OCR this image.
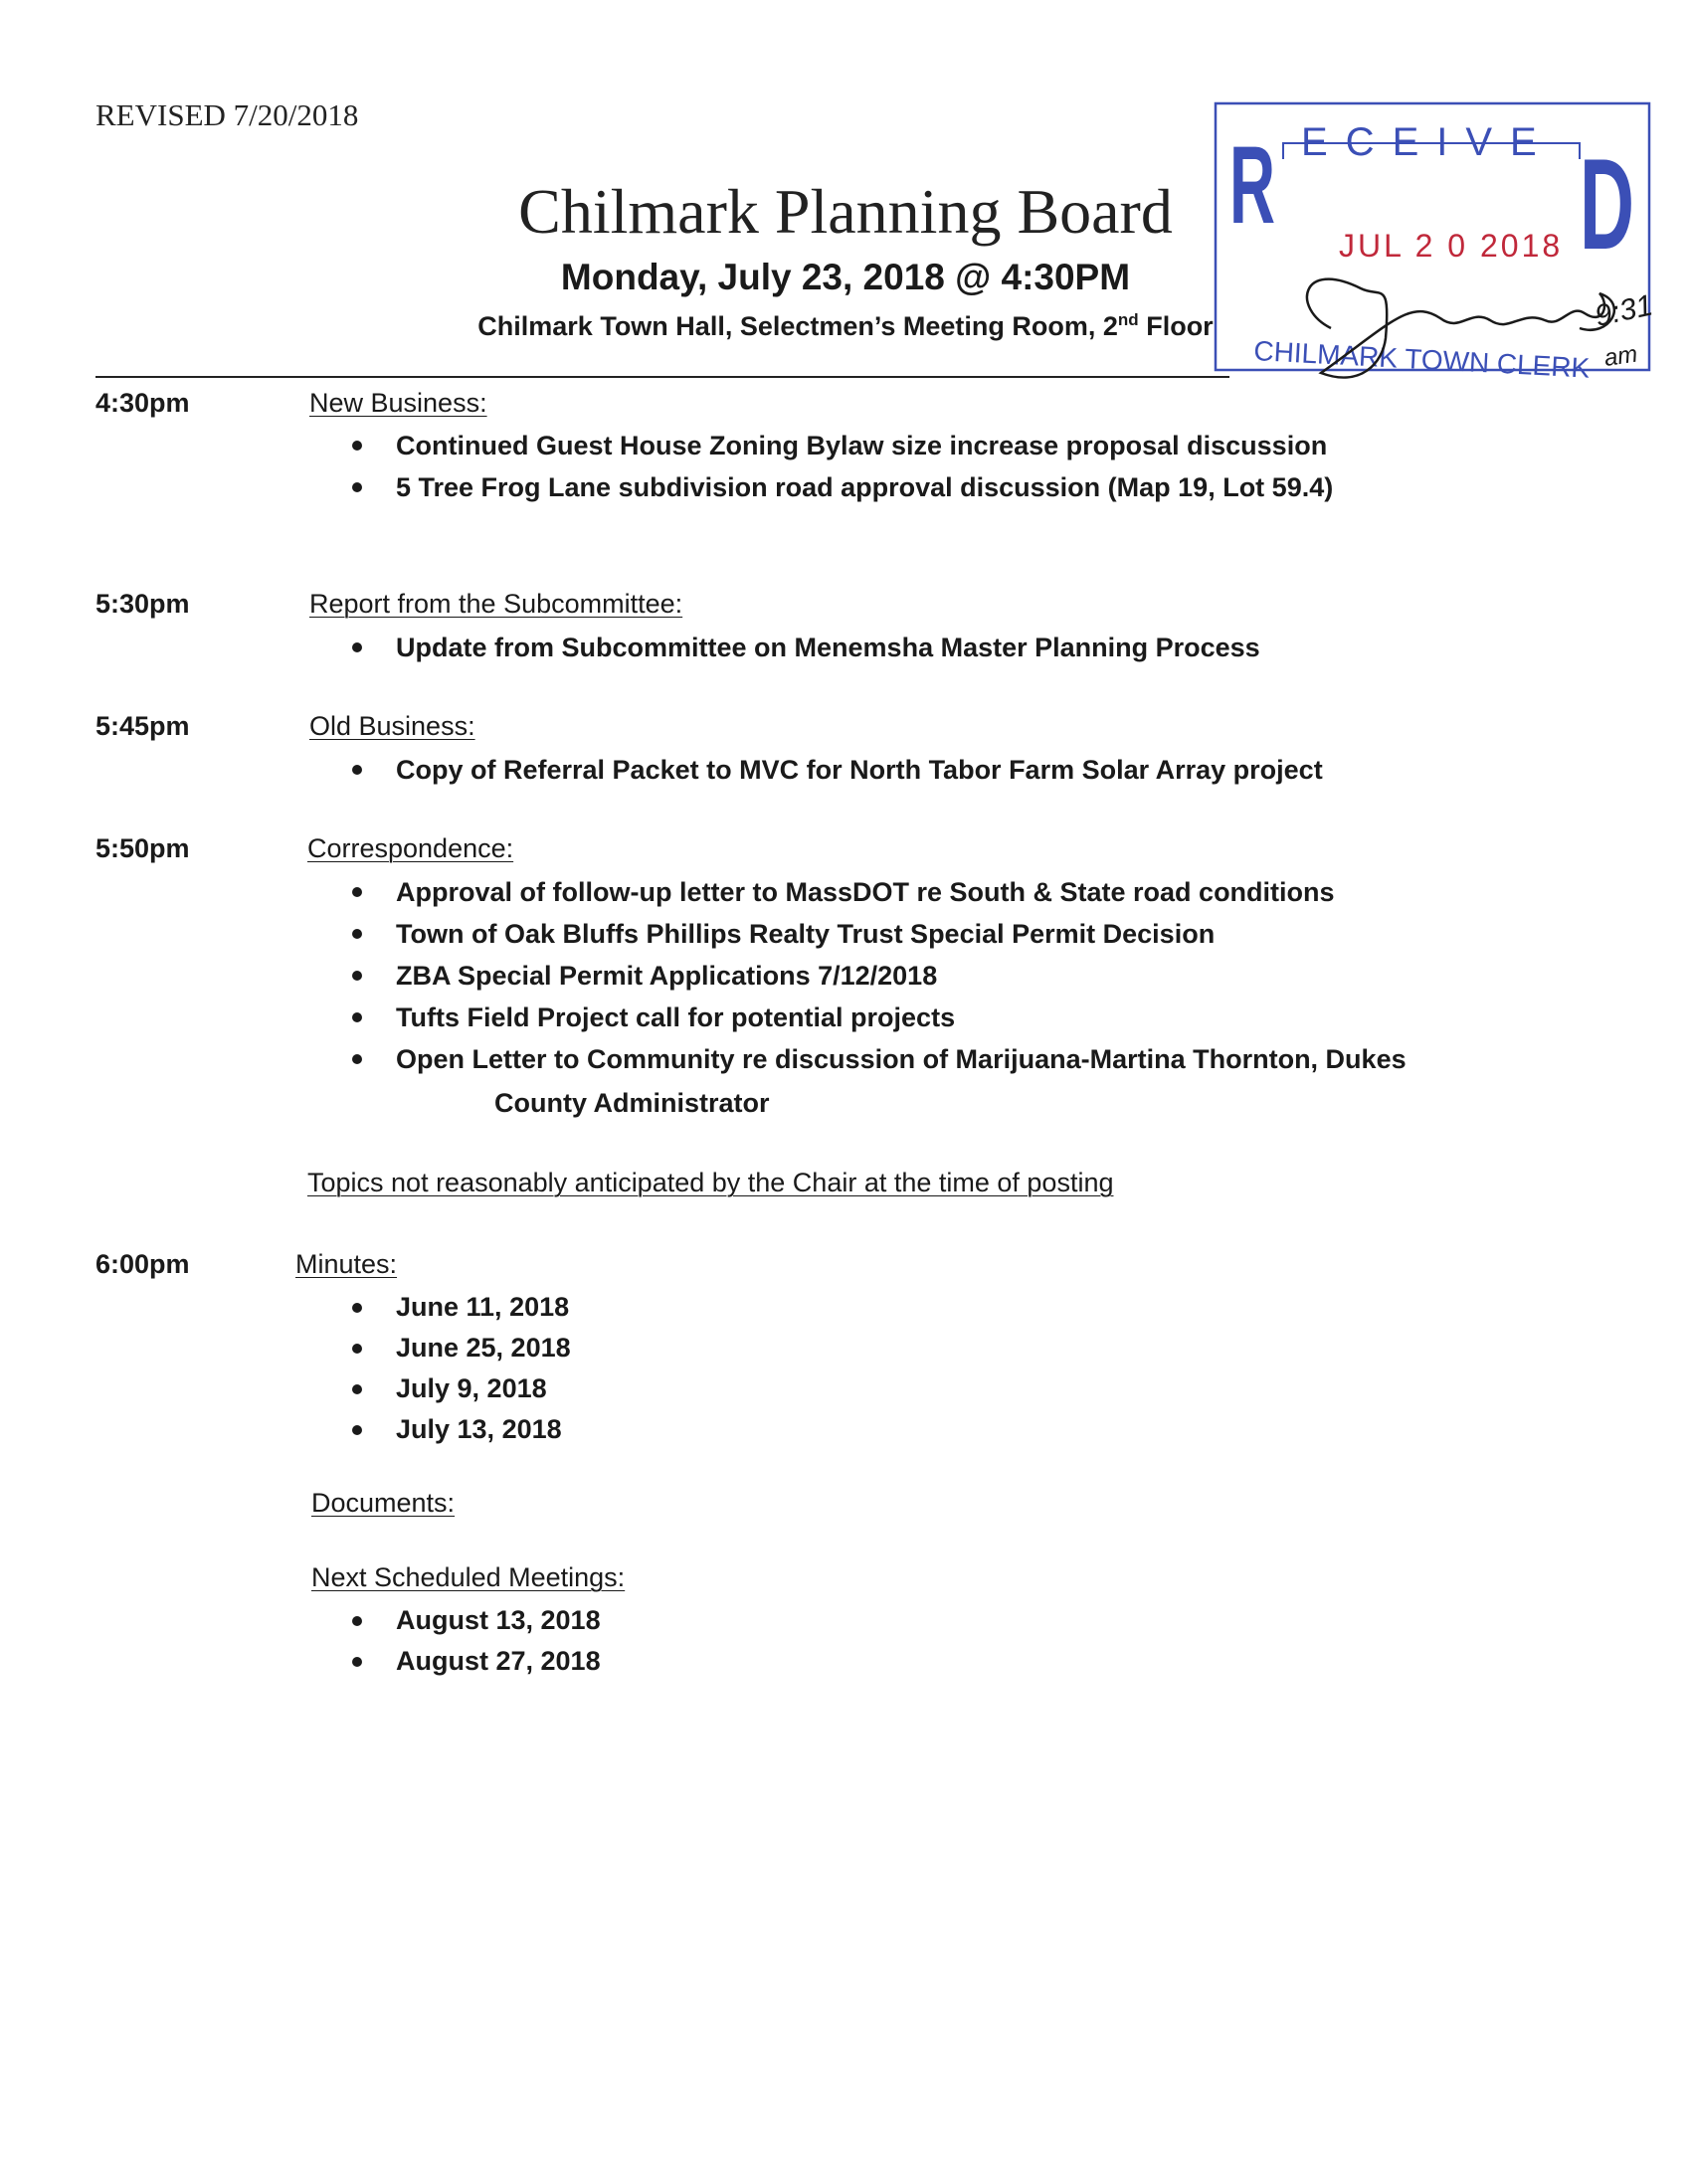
REVISED 7/20/2018
Chilmark Planning Board
Monday, July 23, 2018 @ 4:30PM
Chilmark Town Hall, Selectmen’s Meeting Room, 2nd Floor
R ECEIVE D
JUL 2 0 2018
CHILMARK TOWN CLERK
9:31
am
4:30pm	New Business:
Continued Guest House Zoning Bylaw size increase proposal discussion
5 Tree Frog Lane subdivision road approval discussion (Map 19, Lot 59.4)
5:30pm	Report from the Subcommittee:
Update from Subcommittee on Menemsha Master Planning Process
5:45pm	Old Business:
Copy of Referral Packet to MVC for North Tabor Farm Solar Array project
5:50pm	Correspondence:
Approval of follow-up letter to MassDOT re South & State road conditions
Town of Oak Bluffs Phillips Realty Trust Special Permit Decision
ZBA Special Permit Applications 7/12/2018
Tufts Field Project call for potential projects
Open Letter to Community re discussion of Marijuana-Martina Thornton, Dukes
County Administrator
Topics not reasonably anticipated by the Chair at the time of posting
6:00pm	Minutes:
June 11, 2018
June 25, 2018
July 9, 2018
July 13, 2018
Documents:
Next Scheduled Meetings:
August 13, 2018
August 27, 2018
